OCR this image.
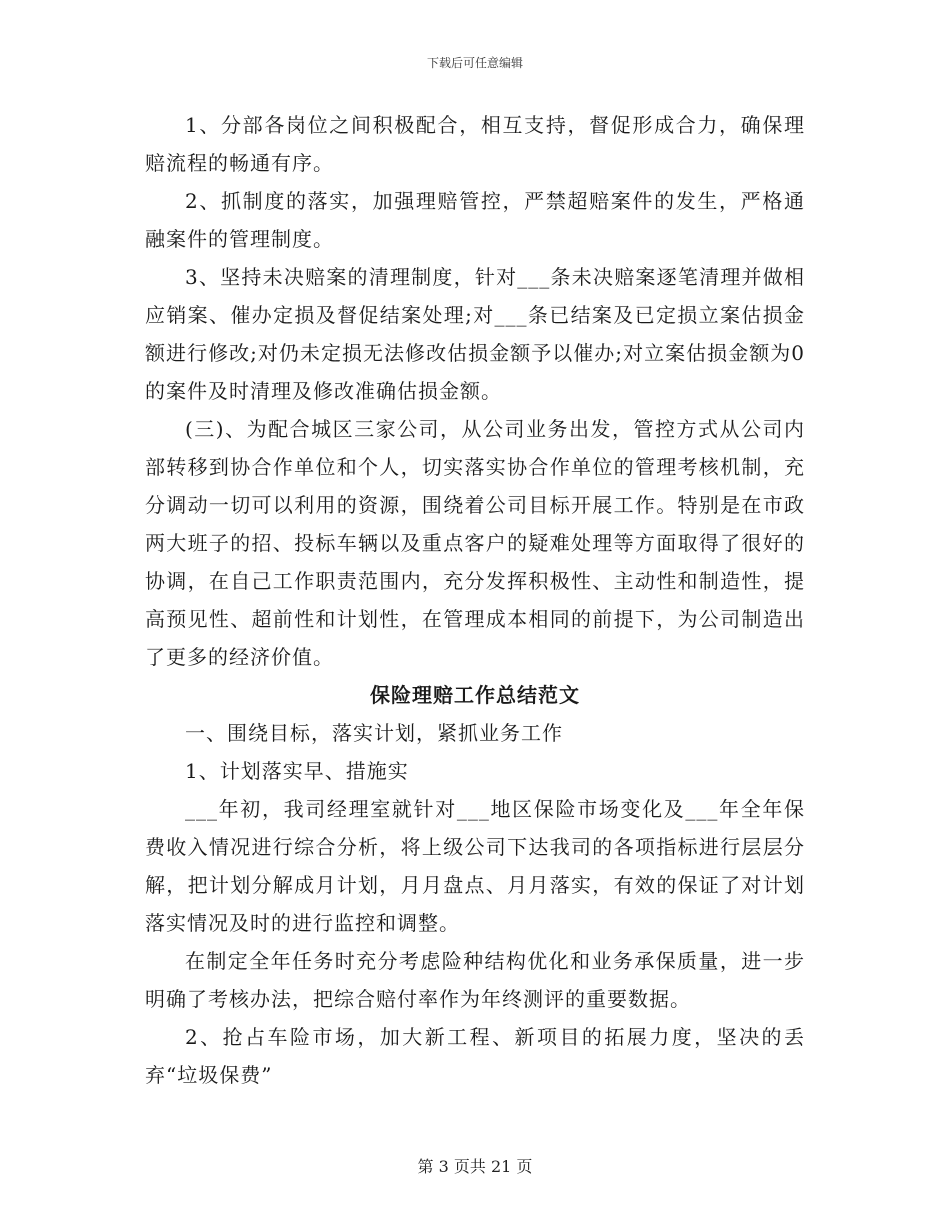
下载后可任意编辑

1、分部各岗位之间积极配合，相互支持，督促形成合力，确保理赔流程的畅通有序。

2、抓制度的落实，加强理赔管控，严禁超赔案件的发生，严格通融案件的管理制度。

3、坚持未决赔案的清理制度，针对___条未决赔案逐笔清理并做相应销案、催办定损及督促结案处理;对___条已结案及已定损立案估损金额进行修改;对仍未定损无法修改估损金额予以催办;对立案估损金额为0的案件及时清理及修改准确估损金额。

(三)、为配合城区三家公司，从公司业务出发，管控方式从公司内部转移到协合作单位和个人，切实落实协合作单位的管理考核机制，充分调动一切可以利用的资源，围绕着公司目标开展工作。特别是在市政两大班子的招、投标车辆以及重点客户的疑难处理等方面取得了很好的协调，在自己工作职责范围内，充分发挥积极性、主动性和制造性，提高预见性、超前性和计划性，在管理成本相同的前提下，为公司制造出了更多的经济价值。

保险理赔工作总结范文

一、围绕目标，落实计划，紧抓业务工作

1、计划落实早、措施实

___年初，我司经理室就针对___地区保险市场变化及___年全年保费收入情况进行综合分析，将上级公司下达我司的各项指标进行层层分解，把计划分解成月计划，月月盘点、月月落实，有效的保证了对计划落实情况及时的进行监控和调整。

在制定全年任务时充分考虑险种结构优化和业务承保质量，进一步明确了考核办法，把综合赔付率作为年终测评的重要数据。

2、抢占车险市场，加大新工程、新项目的拓展力度，坚决的丢弃“垃圾保费”

第 3 页共 21 页
